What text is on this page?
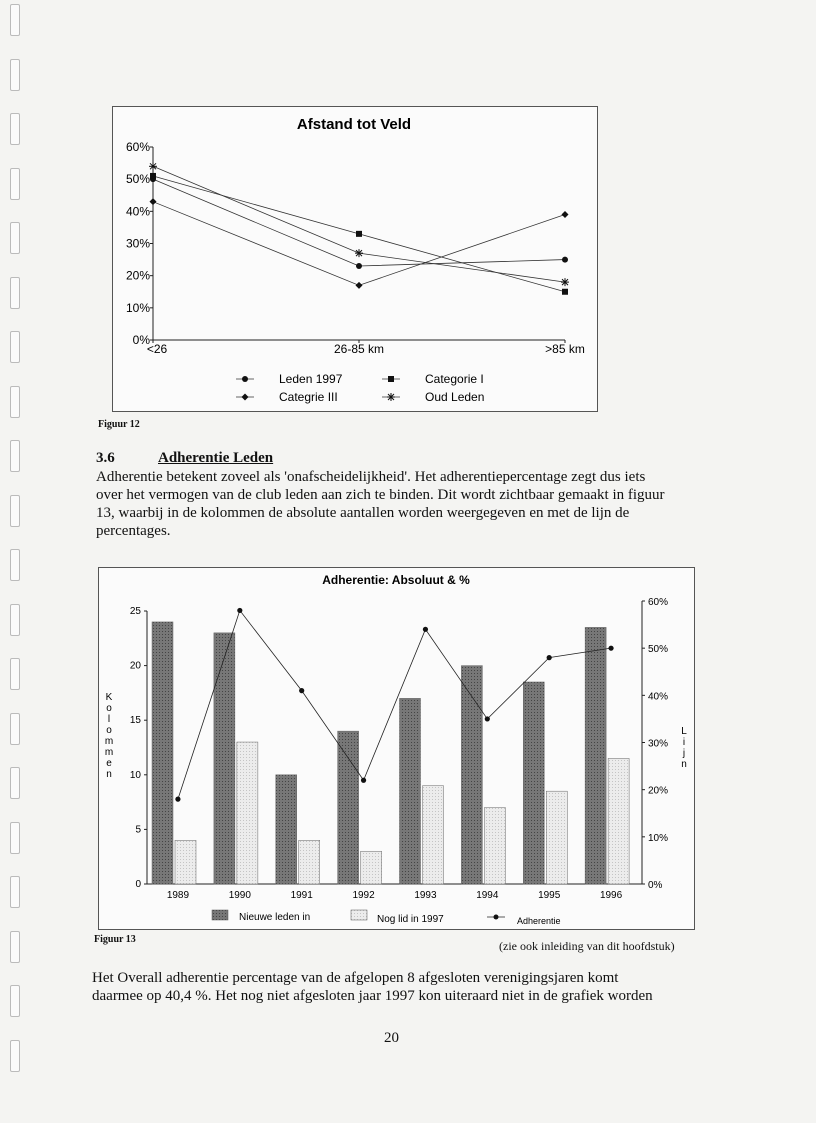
Afstand tot Veld
0%
10%
20%
30%
40%
50%
60%
<26	26-85 km	>85 km
Leden 1997	Categorie I
Categrie III	Oud Leden
Figuur 12
3.6	Adherentie Leden
Adherentie betekent zoveel als 'onafscheidelijkheid'. Het adherentiepercentage zegt dus iets
over het vermogen van de club leden aan zich te binden. Dit wordt zichtbaar gemaakt in figuur
13, waarbij in de kolommen de absolute aantallen worden weergegeven en met de lijn de
percentages.
Adherentie: Absoluut & %
0
5
10
15
20
25
0%
10%
20%
30%
40%
50%
60%
K
o
l
o
m
m
e
n
L
i
j
n
1989	1990	1991	1992	1993	1994	1995	1996
Nieuwe leden in	Nog lid in 1997	Adherentie
Figuur 13	(zie ook inleiding van dit hoofdstuk)
Het Overall adherentie percentage van de afgelopen 8 afgesloten verenigingsjaren komt
daarmee op 40,4 %. Het nog niet afgesloten jaar 1997 kon uiteraard niet in de grafiek worden
20
